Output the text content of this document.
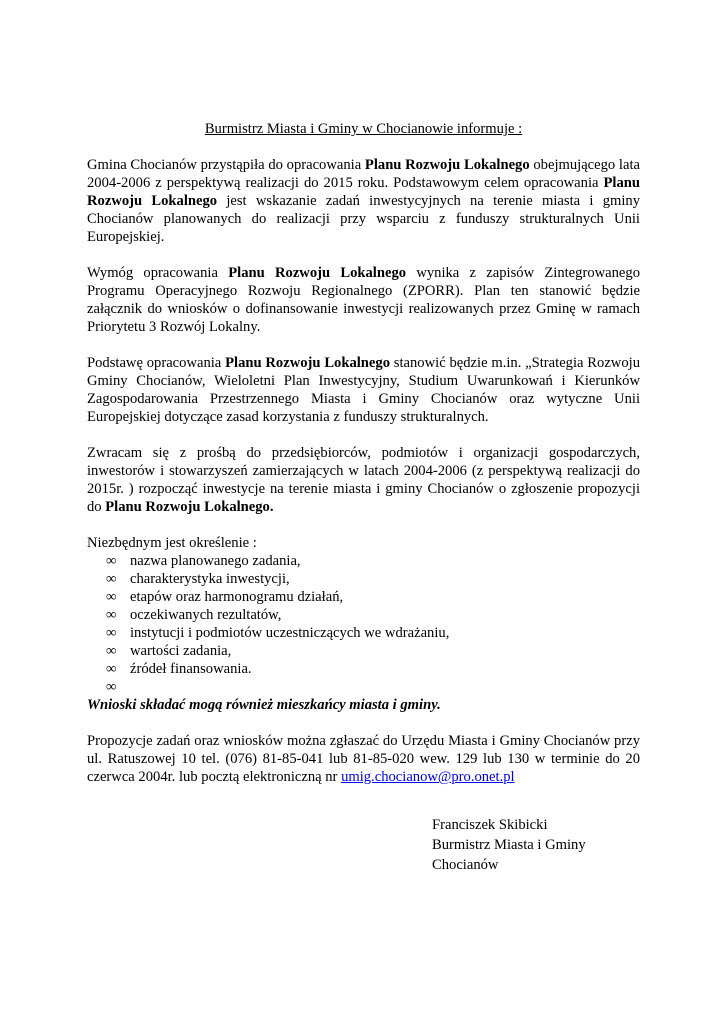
Burmistrz Miasta i Gminy w Chocianowie informuje :

Gmina Chocianów przystąpiła do opracowania Planu Rozwoju Lokalnego obejmującego lata 2004-2006 z perspektywą realizacji do 2015 roku. Podstawowym celem opracowania Planu Rozwoju Lokalnego jest wskazanie zadań inwestycyjnych na terenie miasta i gminy Chocianów planowanych do realizacji przy wsparciu z funduszy strukturalnych Unii Europejskiej.

Wymóg opracowania Planu Rozwoju Lokalnego wynika z zapisów Zintegrowanego Programu Operacyjnego Rozwoju Regionalnego (ZPORR). Plan ten stanowić będzie załącznik do wniosków o dofinansowanie inwestycji realizowanych przez Gminę w ramach Priorytetu 3 Rozwój Lokalny.

Podstawę opracowania Planu Rozwoju Lokalnego stanowić będzie m.in. „Strategia Rozwoju Gminy Chocianów, Wieloletni Plan Inwestycyjny, Studium Uwarunkowań i Kierunków Zagospodarowania Przestrzennego Miasta i Gminy Chocianów oraz wytyczne Unii Europejskiej dotyczące zasad korzystania z funduszy strukturalnych.

Zwracam się z prośbą do przedsiębiorców, podmiotów i organizacji gospodarczych, inwestorów i stowarzyszeń zamierzających w latach 2004-2006 (z perspektywą realizacji do 2015r. ) rozpocząć inwestycje na terenie miasta i gminy Chocianów o zgłoszenie propozycji do Planu Rozwoju Lokalnego.

Niezbędnym jest określenie :
∞ nazwa planowanego zadania,
∞ charakterystyka inwestycji,
∞ etapów oraz harmonogramu działań,
∞ oczekiwanych rezultatów,
∞ instytucji i podmiotów uczestniczących we wdrażaniu,
∞ wartości zadania,
∞ źródeł finansowania.
∞

Wnioski składać mogą również mieszkańcy miasta i gminy.

Propozycje zadań oraz wniosków można zgłaszać do Urzędu Miasta i Gminy Chocianów przy ul. Ratuszowej 10 tel. (076) 81-85-041 lub 81-85-020 wew. 129 lub 130 w terminie do 20 czerwca 2004r. lub pocztą elektroniczną nr umig.chocianow@pro.onet.pl

Franciszek Skibicki
Burmistrz Miasta i Gminy
Chocianów
